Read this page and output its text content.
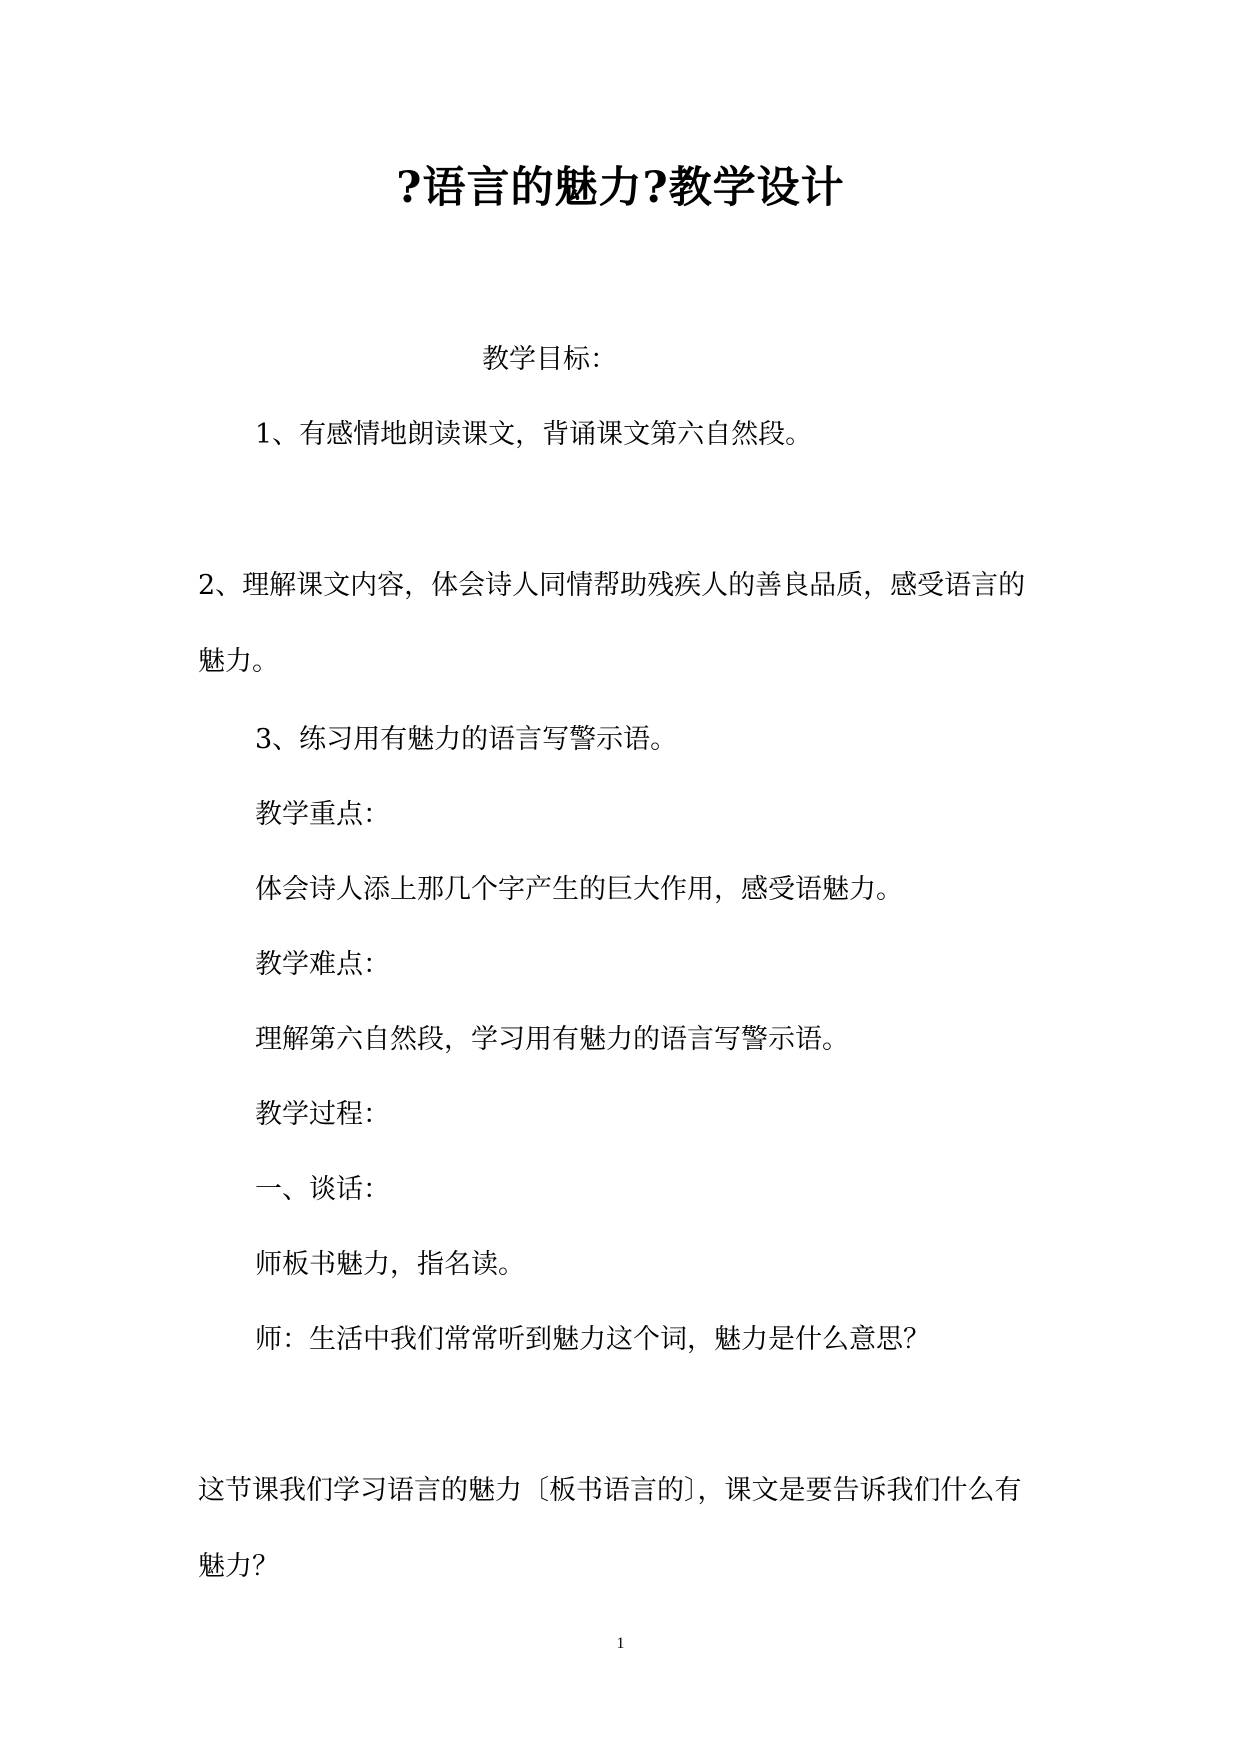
?语言的魅力?教学设计
教学目标：
1、有感情地朗读课文，背诵课文第六自然段。
2、理解课文内容，体会诗人同情帮助残疾人的善良品质，感受语言的魅力。
3、练习用有魅力的语言写警示语。
教学重点：
体会诗人添上那几个字产生的巨大作用，感受语魅力。
教学难点：
理解第六自然段，学习用有魅力的语言写警示语。
教学过程：
一、谈话：
师板书魅力，指名读。
师：生活中我们常常听到魅力这个词，魅力是什么意思？
这节课我们学习语言的魅力〔板书语言的〕，课文是要告诉我们什么有魅力？
1
